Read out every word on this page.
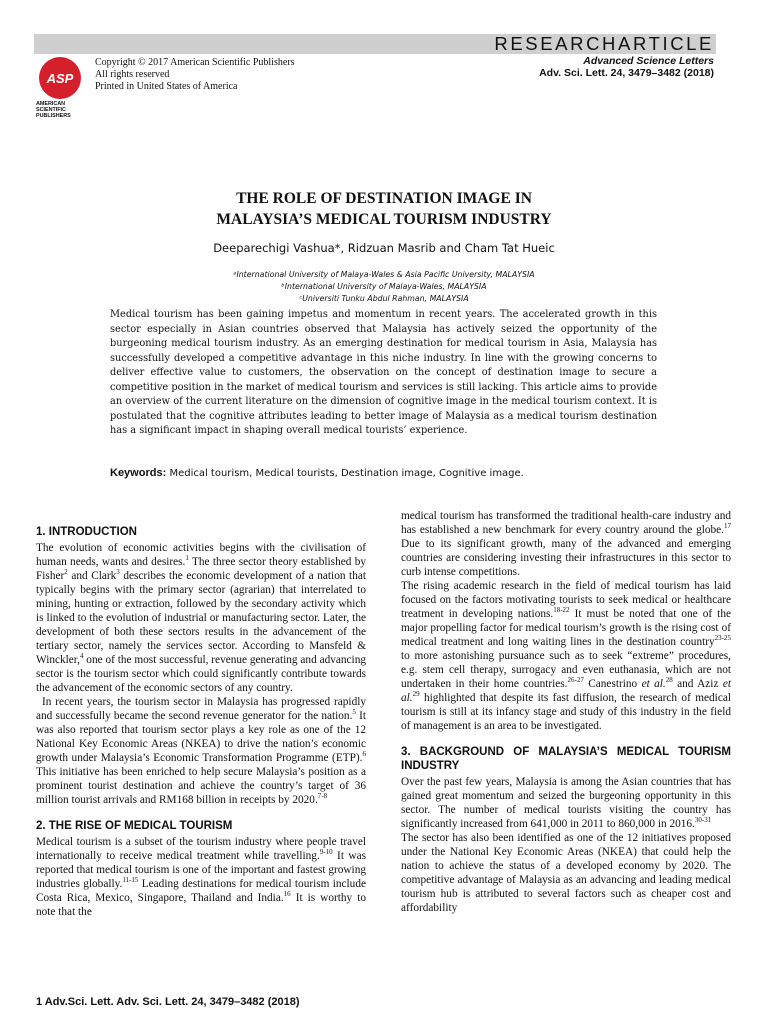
RESEARCHARTICLE
Advanced Science Letters
Adv. Sci. Lett. 24, 3479–3482 (2018)
ASP
AMERICAN SCIENTIFIC PUBLISHERS
Copyright © 2017 American Scientific Publishers
All rights reserved
Printed in United States of America
THE ROLE OF DESTINATION IMAGE IN
MALAYSIA’S MEDICAL TOURISM INDUSTRY
Deeparechigi Vashua*, Ridzuan Masrib and Cham Tat Hueic
ᵃInternational University of Malaya-Wales & Asia Pacific University, MALAYSIA
ᵇInternational University of Malaya-Wales, MALAYSIA
ᶜUniversiti Tunku Abdul Rahman, MALAYSIA
Medical tourism has been gaining impetus and momentum in recent years. The accelerated growth in this sector especially in Asian countries observed that Malaysia has actively seized the opportunity of the burgeoning medical tourism industry. As an emerging destination for medical tourism in Asia, Malaysia has successfully developed a competitive advantage in this niche industry. In line with the growing concerns to deliver effective value to customers, the observation on the concept of destination image to secure a competitive position in the market of medical tourism and services is still lacking. This article aims to provide an overview of the current literature on the dimension of cognitive image in the medical tourism context. It is postulated that the cognitive attributes leading to better image of Malaysia as a medical tourism destination has a significant impact in shaping overall medical tourists’ experience.
Keywords: Medical tourism, Medical tourists, Destination image, Cognitive image.
1. INTRODUCTION

The evolution of economic activities begins with the civilisation of human needs, wants and desires.$^1$ The three sector theory established by Fisher$^2$ and Clark$^3$ describes the economic development of a nation that typically begins with the primary sector (agrarian) that interrelated to mining, hunting or extraction, followed by the secondary activity which is linked to the evolution of industrial or manufacturing sector. Later, the development of both these sectors results in the advancement of the tertiary sector, namely the services sector. According to Mansfeld & Winckler,$^4$ one of the most successful, revenue generating and advancing sector is the tourism sector which could significantly contribute towards the advancement of the economic sectors of any country.

In recent years, the tourism sector in Malaysia has progressed rapidly and successfully became the second revenue generator for the nation.$^5$ It was also reported that tourism sector plays a key role as one of the 12 National Key Economic Areas (NKEA) to drive the nation’s economic growth under Malaysia’s Economic Transformation Programme (ETP).$^6$ This initiative has been enriched to help secure Malaysia’s position as a prominent tourist destination and achieve the country’s target of 36 million tourist arrivals and RM168 billion in receipts by 2020.$^{7-8}$

2. THE RISE OF MEDICAL TOURISM

Medical tourism is a subset of the tourism industry where people travel internationally to receive medical treatment while travelling.$^{9-10}$ It was reported that medical tourism is one of the important and fastest growing industries globally.$^{11-15}$ Leading destinations for medical tourism include Costa Rica, Mexico, Singapore, Thailand and India.$^{16}$ It is worthy to note that the

medical tourism has transformed the traditional health-care industry and has established a new benchmark for every country around the globe.$^{17}$ Due to its significant growth, many of the advanced and emerging countries are considering investing their infrastructures in this sector to curb intense competitions.

The rising academic research in the field of medical tourism has laid focused on the factors motivating tourists to seek medical or healthcare treatment in developing nations.$^{18-22}$ It must be noted that one of the major propelling factor for medical tourism’s growth is the rising cost of medical treatment and long waiting lines in the destination country$^{23-25}$ to more astonishing pursuance such as to seek “extreme” procedures, e.g. stem cell therapy, surrogacy and even euthanasia, which are not undertaken in their home countries.$^{26-27}$ Canestrino et al.$^{28}$ and Aziz et al.$^{29}$ highlighted that despite its fast diffusion, the research of medical tourism is still at its infancy stage and study of this industry in the field of management is an area to be investigated.

3. BACKGROUND OF MALAYSIA’S MEDICAL TOURISM INDUSTRY

Over the past few years, Malaysia is among the Asian countries that has gained great momentum and seized the burgeoning opportunity in this sector. The number of medical tourists visiting the country has significantly increased from 641,000 in 2011 to 860,000 in 2016.$^{30-31}$

The sector has also been identified as one of the 12 initiatives proposed under the National Key Economic Areas (NKEA) that could help the nation to achieve the status of a developed economy by 2020. The competitive advantage of Malaysia as an advancing and leading medical tourism hub is attributed to several factors such as cheaper cost and affordability

1 Adv.Sci. Lett. Adv. Sci. Lett. 24, 3479–3482 (2018)
